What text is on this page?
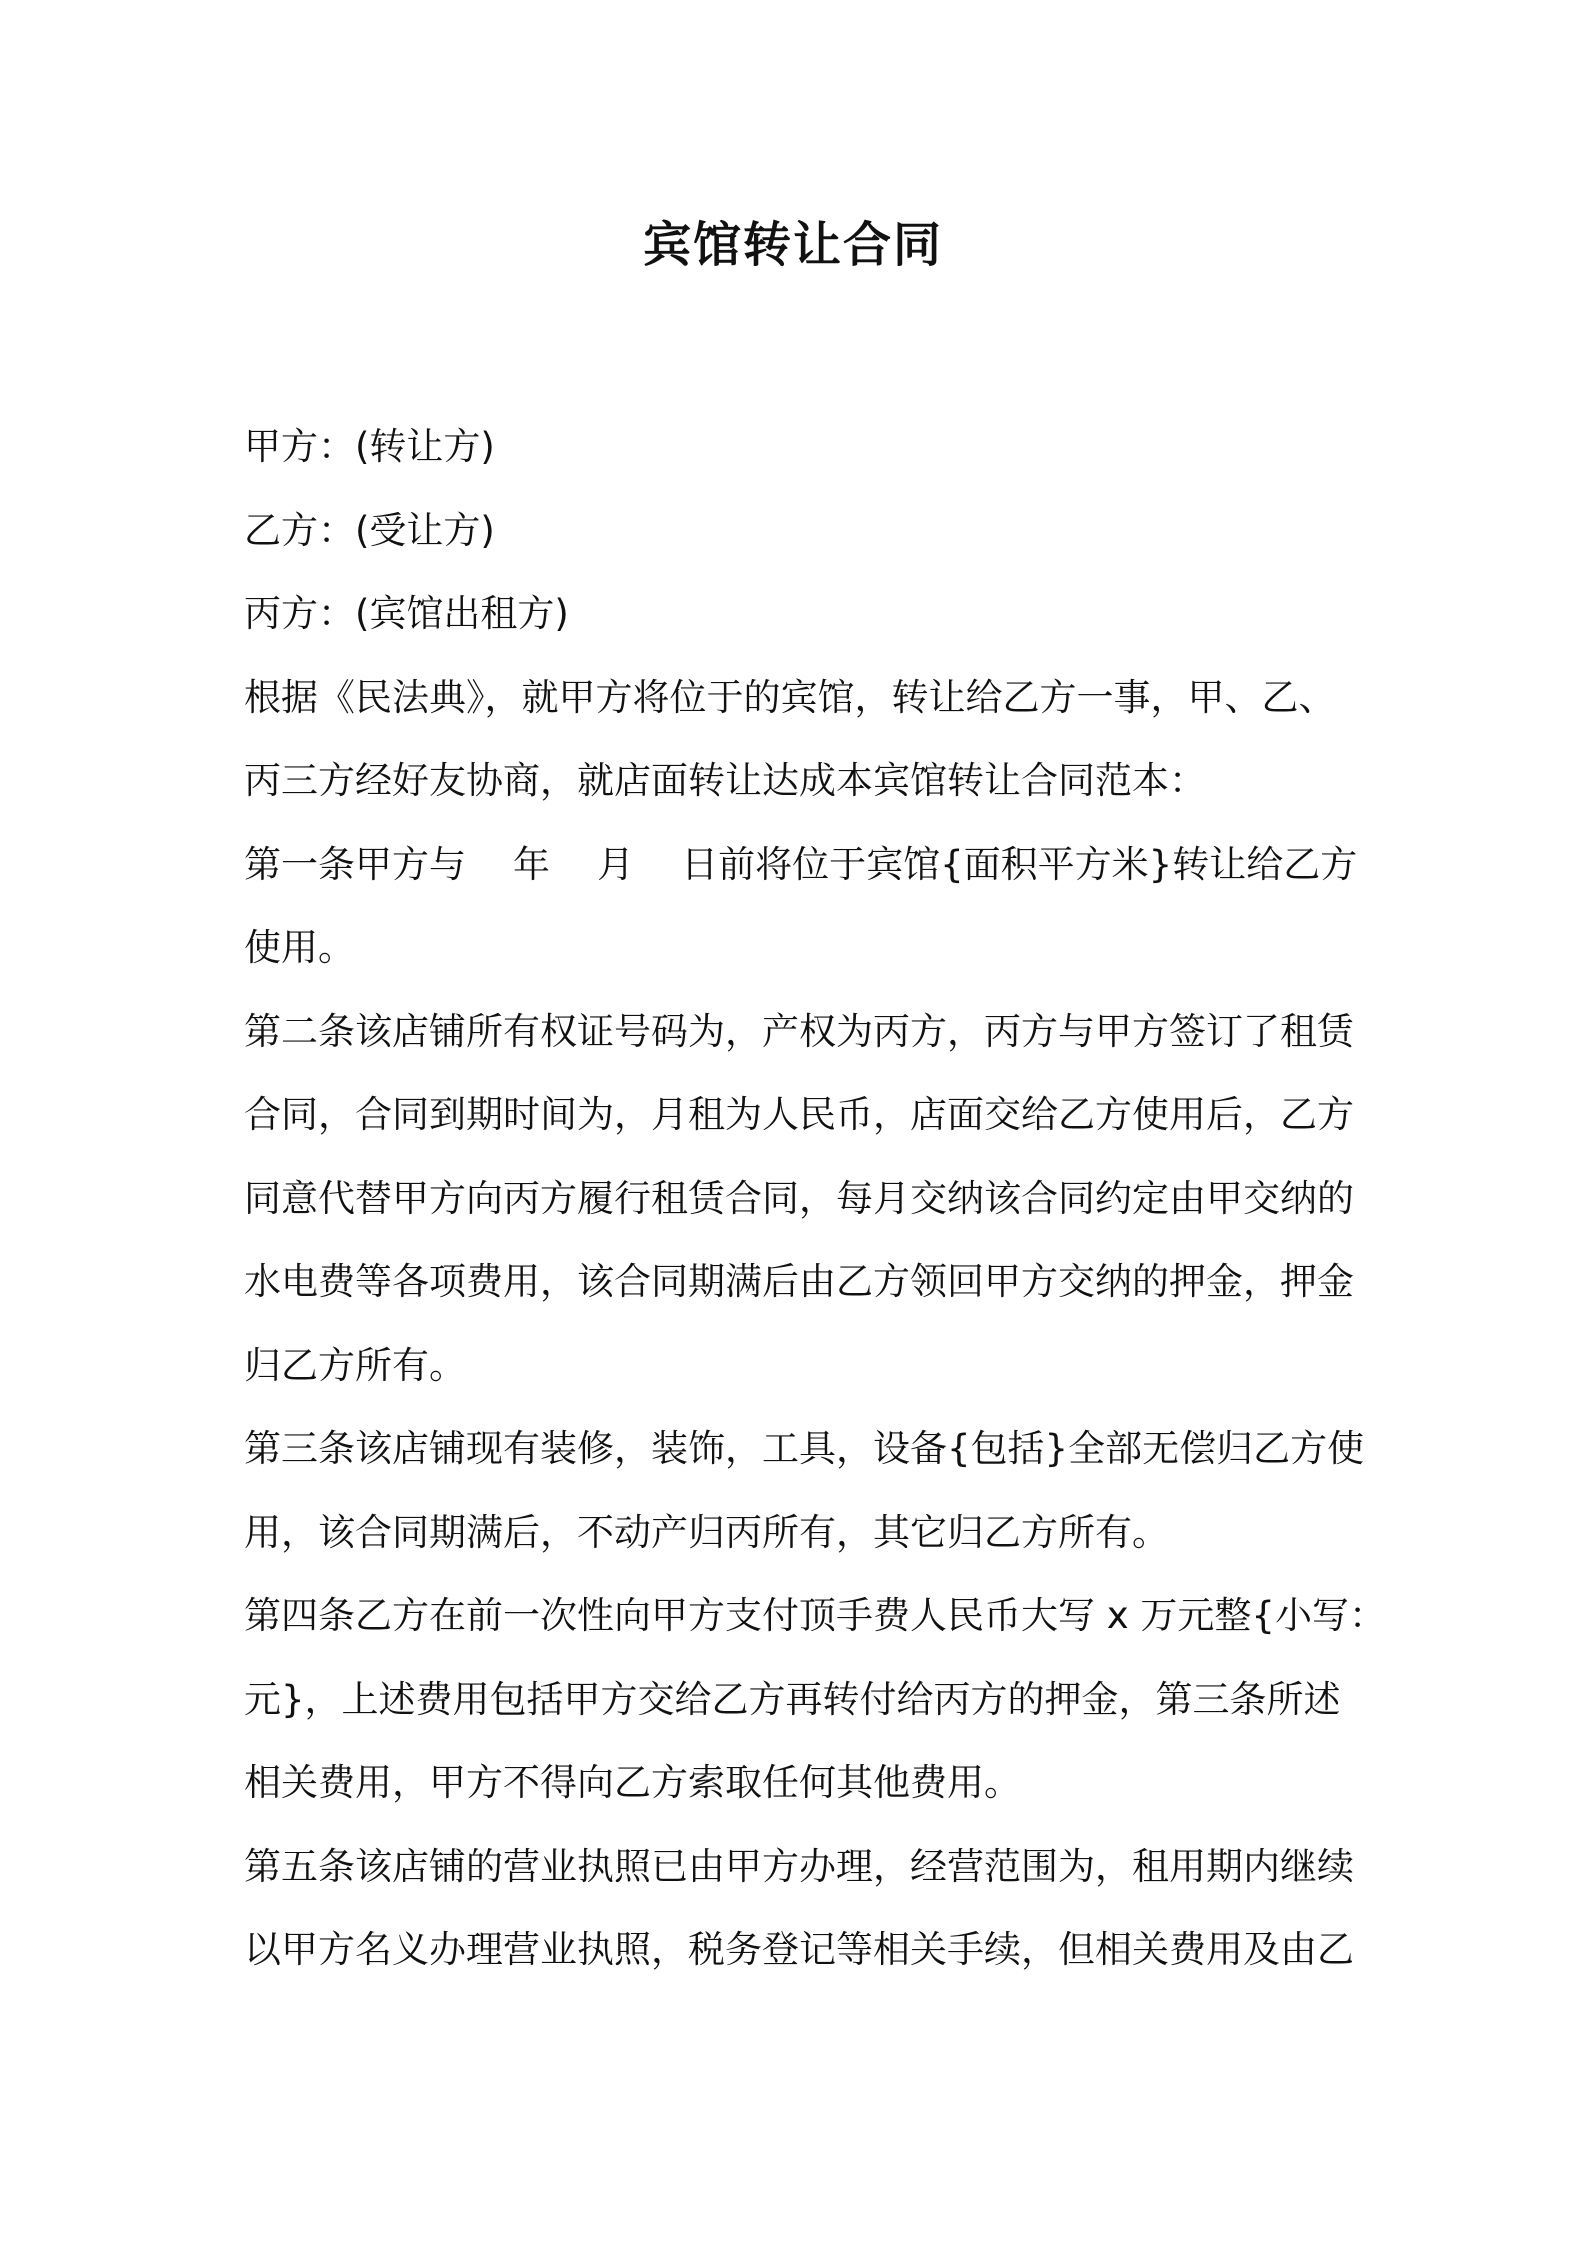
宾馆转让合同
甲方：(转让方)
乙方：(受让方)
丙方：(宾馆出租方)
根据《民法典》，就甲方将位于的宾馆，转让给乙方一事，甲、乙、
丙三方经好友协商，就店面转让达成本宾馆转让合同范本：
第一条甲方与    年    月    日前将位于宾馆{面积平方米}转让给乙方
使用。
第二条该店铺所有权证号码为，产权为丙方，丙方与甲方签订了租赁
合同，合同到期时间为，月租为人民币，店面交给乙方使用后，乙方
同意代替甲方向丙方履行租赁合同，每月交纳该合同约定由甲交纳的
水电费等各项费用，该合同期满后由乙方领回甲方交纳的押金，押金
归乙方所有。
第三条该店铺现有装修，装饰，工具，设备{包括}全部无偿归乙方使
用，该合同期满后，不动产归丙所有，其它归乙方所有。
第四条乙方在前一次性向甲方支付顶手费人民币大写 x 万元整{小写：
元}，上述费用包括甲方交给乙方再转付给丙方的押金，第三条所述
相关费用，甲方不得向乙方索取任何其他费用。
第五条该店铺的营业执照已由甲方办理，经营范围为，租用期内继续
以甲方名义办理营业执照，税务登记等相关手续，但相关费用及由乙
